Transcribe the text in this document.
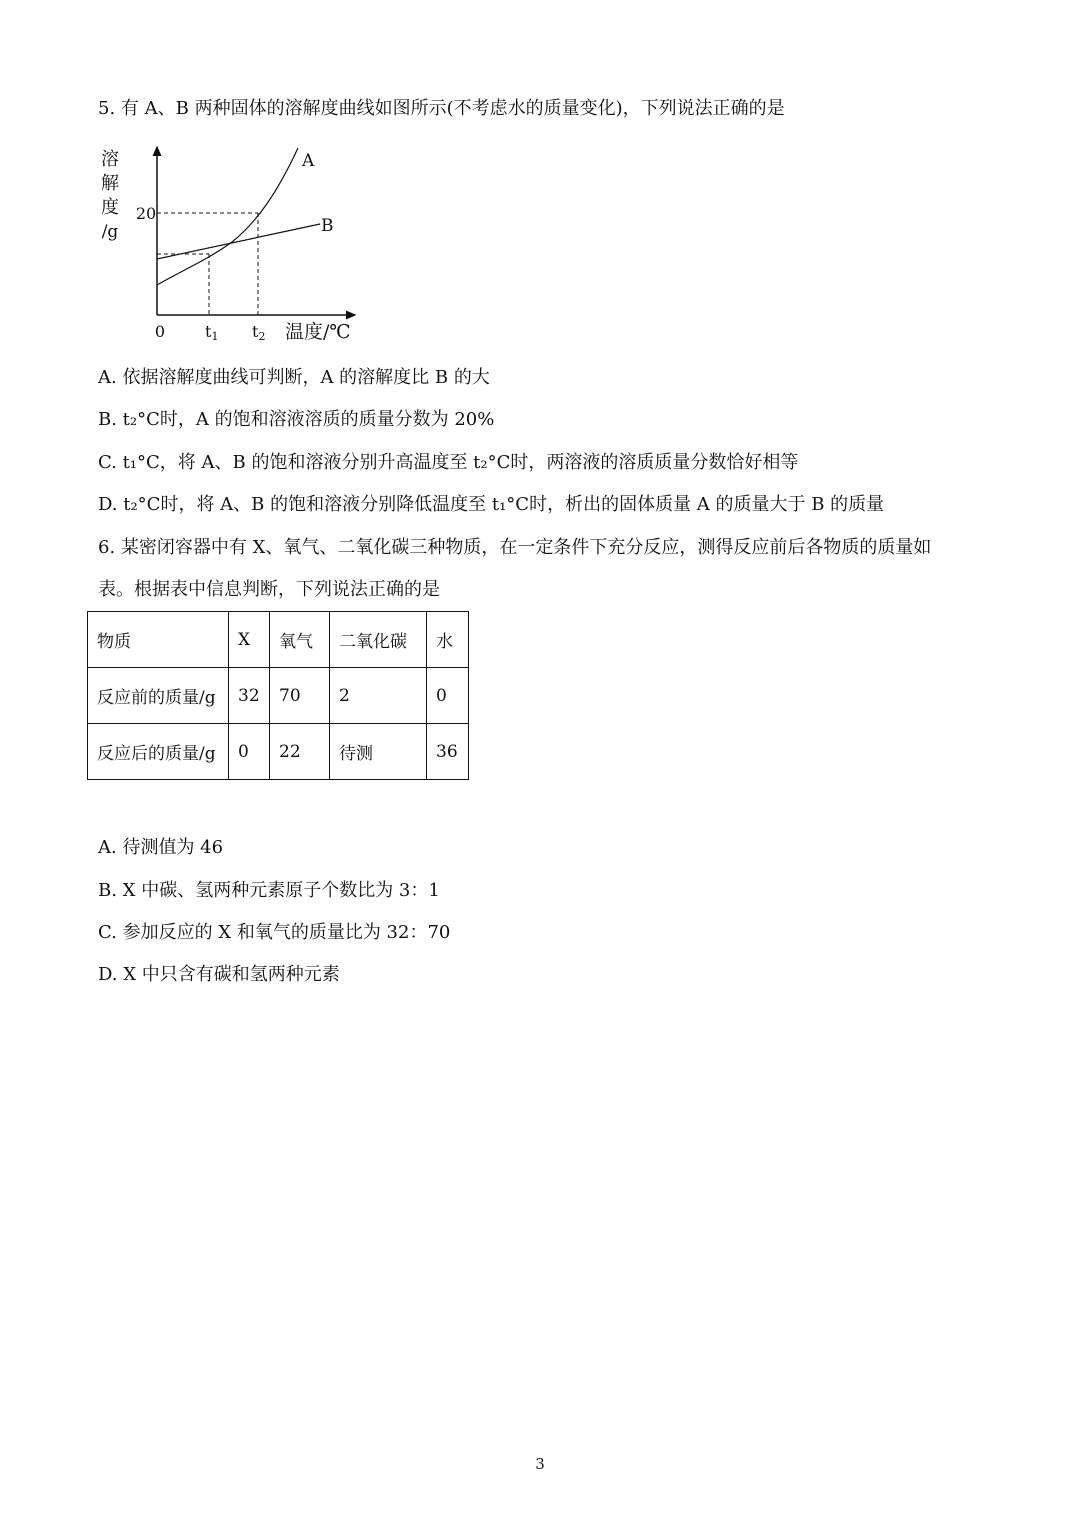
5. 有 A、B 两种固体的溶解度曲线如图所示(不考虑水的质量变化)，下列说法正确的是
溶
解
度
/g
20
0 t1 t2 温度/℃
A
B
A. 依据溶解度曲线可判断，A 的溶解度比 B 的大
B. t₂°C时，A 的饱和溶液溶质的质量分数为 20%
C. t₁°C，将 A、B 的饱和溶液分别升高温度至 t₂°C时，两溶液的溶质质量分数恰好相等
D. t₂°C时，将 A、B 的饱和溶液分别降低温度至 t₁°C时，析出的固体质量 A 的质量大于 B 的质量
6. 某密闭容器中有 X、氧气、二氧化碳三种物质，在一定条件下充分反应，测得反应前后各物质的质量如
表。根据表中信息判断，下列说法正确的是
物质	X	氧气	二氧化碳	水
反应前的质量/g	32	70	2	0
反应后的质量/g	0	22	待测	36
A. 待测值为 46
B. X 中碳、氢两种元素原子个数比为 3：1
C. 参加反应的 X 和氧气的质量比为 32：70
D. X 中只含有碳和氢两种元素
3
